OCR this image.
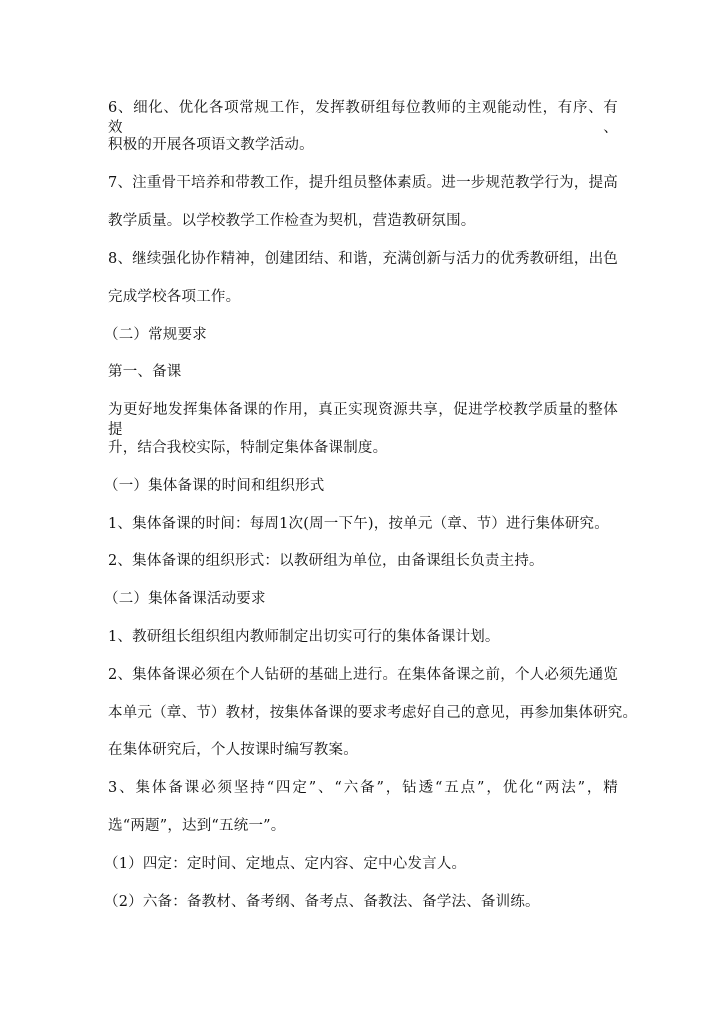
6、细化、优化各项常规工作，发挥教研组每位教师的主观能动性，有序、有效、
积极的开展各项语文教学活动。
7、注重骨干培养和带教工作，提升组员整体素质。进一步规范教学行为，提高
教学质量。以学校教学工作检查为契机，营造教研氛围。
8、继续强化协作精神，创建团结、和谐，充满创新与活力的优秀教研组，出色
完成学校各项工作。
（二）常规要求
第一、备课
为更好地发挥集体备课的作用，真正实现资源共享，促进学校教学质量的整体提
升，结合我校实际，特制定集体备课制度。
（一）集体备课的时间和组织形式
1、集体备课的时间：每周1次(周一下午)，按单元（章、节）进行集体研究。
2、集体备课的组织形式：以教研组为单位，由备课组长负责主持。
（二）集体备课活动要求
1、教研组长组织组内教师制定出切实可行的集体备课计划。
2、集体备课必须在个人钻研的基础上进行。在集体备课之前，个人必须先通览
本单元（章、节）教材，按集体备课的要求考虑好自己的意见，再参加集体研究。
在集体研究后，个人按课时编写教案。
3、集体备课必须坚持“四定”、“六备”，钻透“五点”，优化“两法”，精
选“两题”，达到“五统一”。
（1）四定：定时间、定地点、定内容、定中心发言人。
（2）六备：备教材、备考纲、备考点、备教法、备学法、备训练。
